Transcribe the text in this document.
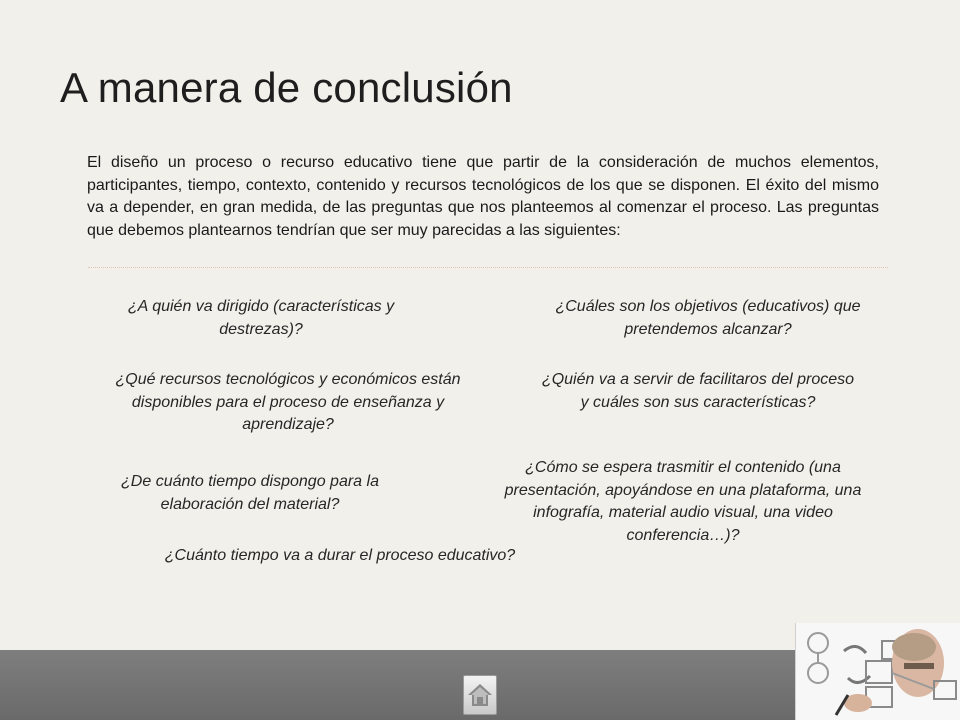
A manera de conclusión

El diseño un proceso o recurso educativo tiene que partir de la consideración de muchos elementos, participantes, tiempo, contexto, contenido y recursos tecnológicos de los que se disponen. El éxito del mismo va a depender, en gran medida, de las preguntas que nos planteemos al comenzar el proceso. Las preguntas que debemos plantearnos tendrían que ser muy parecidas a las siguientes:

¿A quién va dirigido (características y destrezas)?

¿Cuáles son los objetivos (educativos) que pretendemos alcanzar?

¿Qué recursos tecnológicos y económicos están disponibles para el proceso de enseñanza y aprendizaje?

¿Quién va a servir de facilitaros del proceso y cuáles son sus características?

¿De cuánto tiempo dispongo para la elaboración del material?

¿Cómo se espera trasmitir el contenido (una presentación, apoyándose en una plataforma, una infografía, material audio visual, una video conferencia…)?

¿Cuánto tiempo va a durar el proceso educativo?
